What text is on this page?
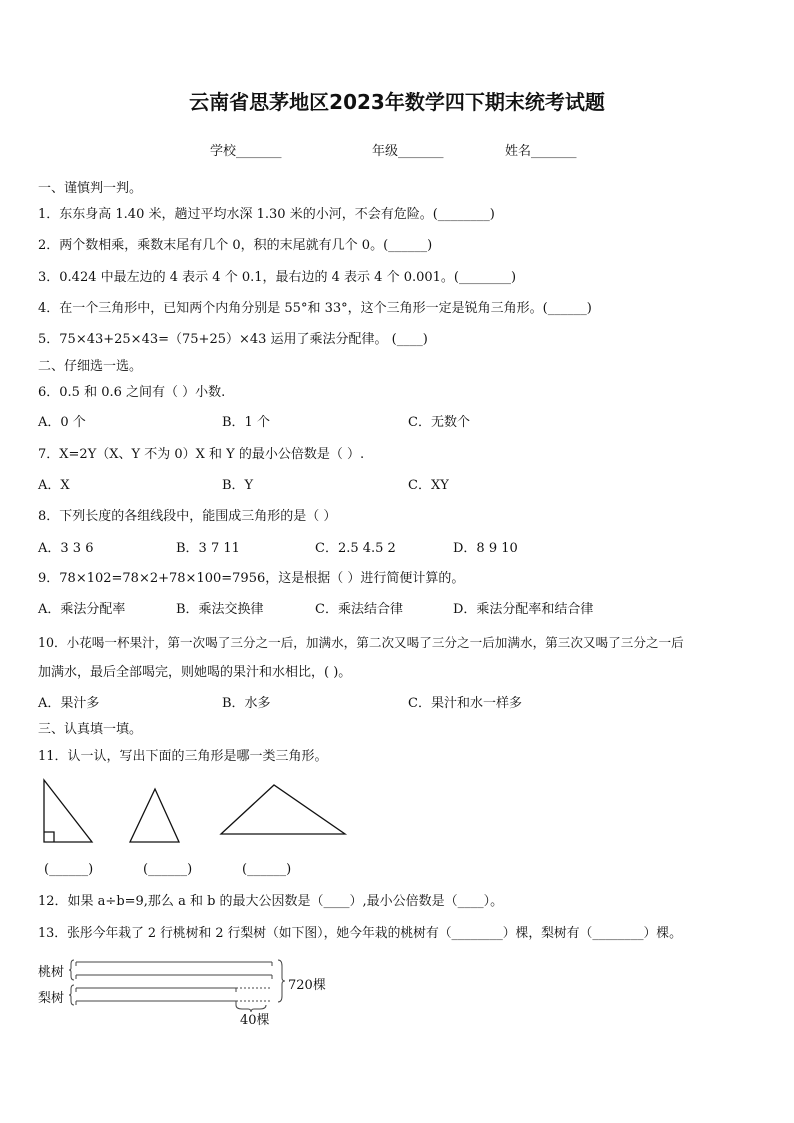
云南省思茅地区2023年数学四下期末统考试题
学校_______	年级_______	姓名_______
一、谨慎判一判。
1．东东身高 1.40 米，趟过平均水深 1.30 米的小河，不会有危险。(________)
2．两个数相乘，乘数末尾有几个 0，积的末尾就有几个 0。(______)
3．0.424 中最左边的 4 表示 4 个 0.1，最右边的 4 表示 4 个 0.001。(________)
4．在一个三角形中，已知两个内角分别是 55°和 33°，这个三角形一定是锐角三角形。(______)
5．75×43+25×43=（75+25）×43 运用了乘法分配律。 (____)
二、仔细选一选。
6．0.5 和 0.6 之间有（ ）小数.
A．0 个	B．1 个	C．无数个
7．X=2Y（X、Y 不为 0）X 和 Y 的最小公倍数是（ ）.
A．X	B．Y	C．XY
8．下列长度的各组线段中，能围成三角形的是（ ）
A．3 3 6	B．3 7 11	C．2.5 4.5 2	D．8 9 10
9．78×102=78×2+78×100=7956，这是根据（ ）进行简便计算的。
A．乘法分配率	B．乘法交换律	C．乘法结合律	D．乘法分配率和结合律
10．小花喝一杯果汁，第一次喝了三分之一后，加满水，第二次又喝了三分之一后加满水，第三次又喝了三分之一后
加满水，最后全部喝完，则她喝的果汁和水相比，( )。
A．果汁多	B．水多	C．果汁和水一样多
三、认真填一填。
11．认一认，写出下面的三角形是哪一类三角形。
(______)	(______)	(______)
12．如果 a÷b=9,那么 a 和 b 的最大公因数是（____）,最小公倍数是（____）。
13．张彤今年栽了 2 行桃树和 2 行梨树（如下图），她今年栽的桃树有（________）棵，梨树有（________）棵。
桃树
梨树
720棵
40棵
